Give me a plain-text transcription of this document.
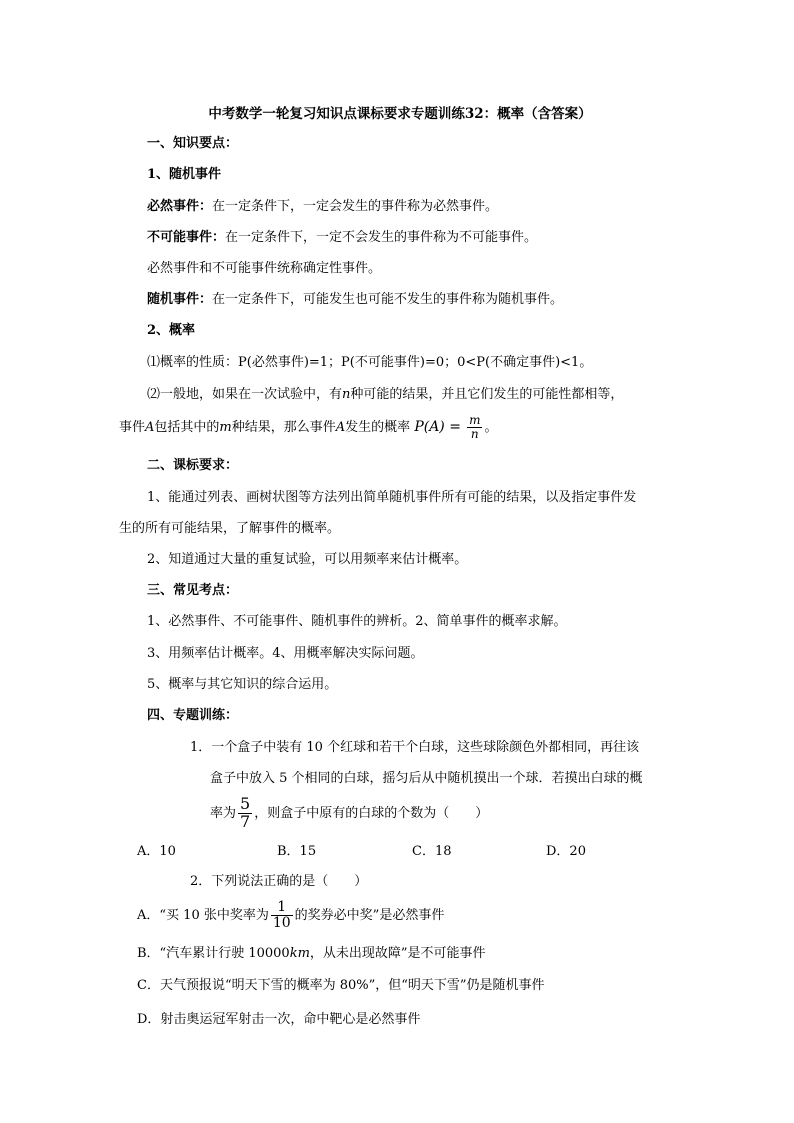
中考数学一轮复习知识点课标要求专题训练32：概率（含答案）
一、知识要点：
1、随机事件
必然事件：在一定条件下，一定会发生的事件称为必然事件。
不可能事件：在一定条件下，一定不会发生的事件称为不可能事件。
必然事件和不可能事件统称确定性事件。
随机事件：在一定条件下，可能发生也可能不发生的事件称为随机事件。
2、概率
⑴概率的性质：P(必然事件)=1；P(不可能事件)=0；0<P(不确定事件)<1。
⑵一般地，如果在一次试验中，有n种可能的结果，并且它们发生的可能性都相等，
事件A包括其中的m种结果，那么事件A发生的概率 $P(A) = \frac{m}{n}$ 。
二、课标要求：
1、能通过列表、画树状图等方法列出简单随机事件所有可能的结果，以及指定事件发
生的所有可能结果，了解事件的概率。
2、知道通过大量的重复试验，可以用频率来估计概率。
三、常见考点：
1、必然事件、不可能事件、随机事件的辨析。2、简单事件的概率求解。
3、用频率估计概率。4、用概率解决实际问题。
5、概率与其它知识的综合运用。
四、专题训练：
1．一个盒子中装有 10 个红球和若干个白球，这些球除颜色外都相同，再往该
盒子中放入 5 个相同的白球，摇匀后从中随机摸出一个球．若摸出白球的概
率为 $\frac{5}{7}$ ，则盒子中原有的白球的个数为（　　）
A．10	B．15	C．18	D．20
2．下列说法正确的是（　　）
A．“买 10 张中奖率为 $\frac{1}{10}$ 的奖券必中奖”是必然事件
B．“汽车累计行驶 10000km，从未出现故障”是不可能事件
C．天气预报说“明天下雪的概率为 80%”，但“明天下雪”仍是随机事件
D．射击奥运冠军射击一次，命中靶心是必然事件
